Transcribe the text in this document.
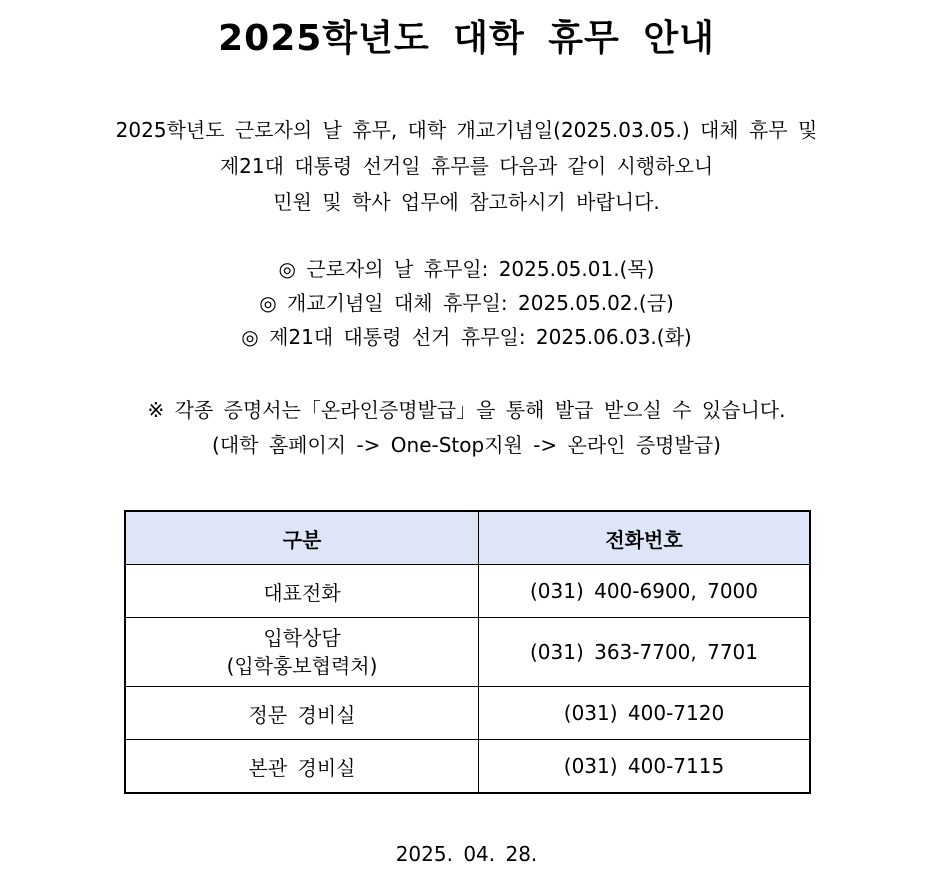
2025학년도 대학 휴무 안내
2025학년도 근로자의 날 휴무, 대학 개교기념일(2025.03.05.) 대체 휴무 및
제21대 대통령 선거일 휴무를 다음과 같이 시행하오니
민원 및 학사 업무에 참고하시기 바랍니다.
◎ 근로자의 날 휴무일: 2025.05.01.(목)
◎ 개교기념일 대체 휴무일: 2025.05.02.(금)
◎ 제21대 대통령 선거 휴무일: 2025.06.03.(화)
※ 각종 증명서는「온라인증명발급」을 통해 발급 받으실 수 있습니다.
(대학 홈페이지 -> One-Stop지원 -> 온라인 증명발급)
구분	전화번호
대표전화	(031) 400-6900, 7000

입학상담
(입학홍보협력처)	(031) 363-7700, 7701
정문 경비실	(031) 400-7120
본관 경비실	(031) 400-7115
2025. 04. 28.
